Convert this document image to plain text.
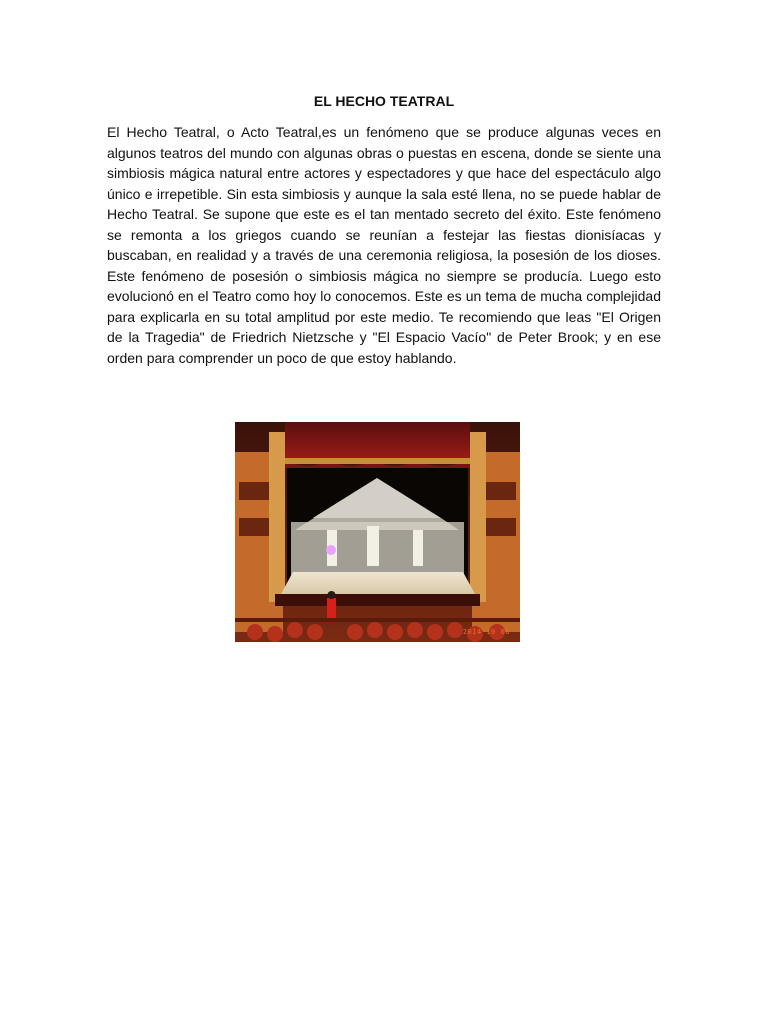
EL HECHO TEATRAL
El Hecho Teatral, o Acto Teatral,es un fenómeno que se produce algunas veces en algunos teatros del mundo con algunas obras o puestas en escena, donde se siente una simbiosis mágica natural entre actores y espectadores y que hace del espectáculo algo único e irrepetible. Sin esta simbiosis y aunque la sala esté llena, no se puede hablar de Hecho Teatral. Se supone que este es el tan mentado secreto del éxito. Este fenómeno se remonta a los griegos cuando se reunían a festejar las fiestas dionisíacas y buscaban, en realidad y a través de una ceremonia religiosa, la posesión de los dioses. Este fenómeno de posesión o simbiosis mágica no siempre se producía. Luego esto evolucionó en el Teatro como hoy lo conocemos. Este es un tema de mucha complejidad para explicarla en su total amplitud por este medio. Te recomiendo que leas "El Origen de la Tragedia" de Friedrich Nietzsche y "El Espacio Vacío" de Peter Brook; y en ese orden para comprender un poco de que estoy hablando.
2014 10 08
